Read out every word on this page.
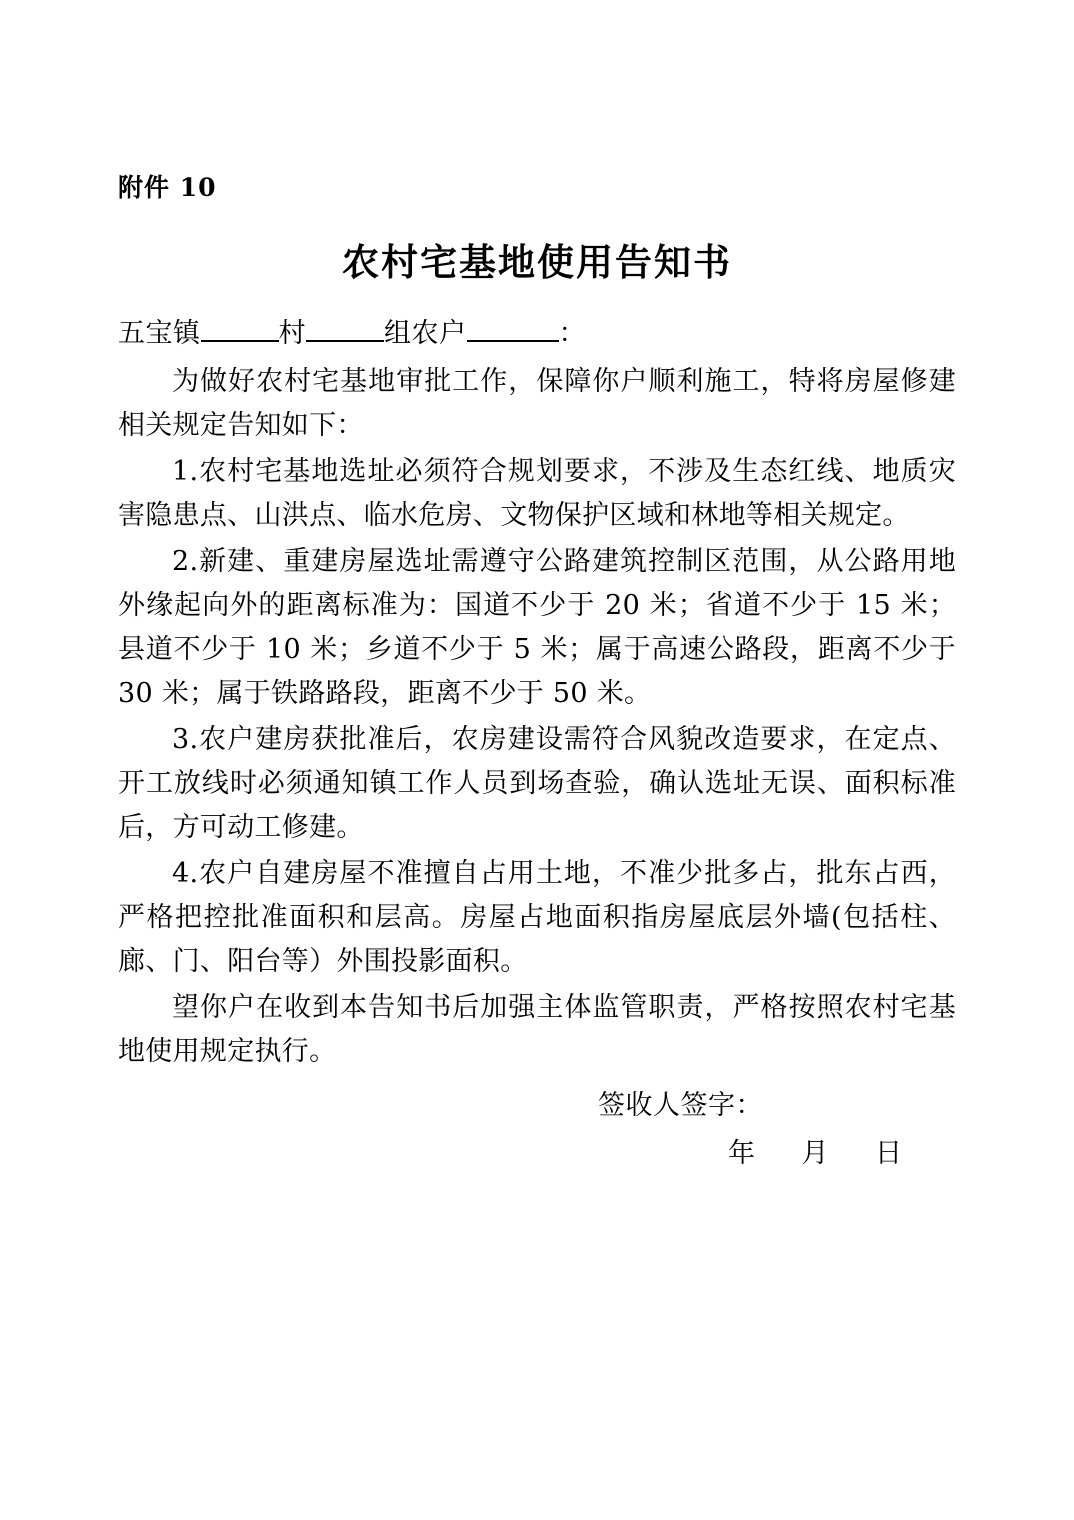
附件 10
农村宅基地使用告知书
五宝镇	村	组农户	：

为做好农村宅基地审批工作，保障你户顺利施工，特将房屋修建相关规定告知如下：

1.农村宅基地选址必须符合规划要求，不涉及生态红线、地质灾害隐患点、山洪点、临水危房、文物保护区域和林地等相关规定。

2.新建、重建房屋选址需遵守公路建筑控制区范围，从公路用地外缘起向外的距离标准为：国道不少于 20 米；省道不少于 15 米；县道不少于 10 米；乡道不少于 5 米；属于高速公路段，距离不少于 30 米；属于铁路路段，距离不少于 50 米。

3.农户建房获批准后，农房建设需符合风貌改造要求，在定点、开工放线时必须通知镇工作人员到场查验，确认选址无误、面积标准后，方可动工修建。

4.农户自建房屋不准擅自占用土地，不准少批多占，批东占西，严格把控批准面积和层高。房屋占地面积指房屋底层外墙(包括柱、廊、门、阳台等）外围投影面积。

望你户在收到本告知书后加强主体监管职责，严格按照农村宅基地使用规定执行。

签收人签字：
年 月 日
